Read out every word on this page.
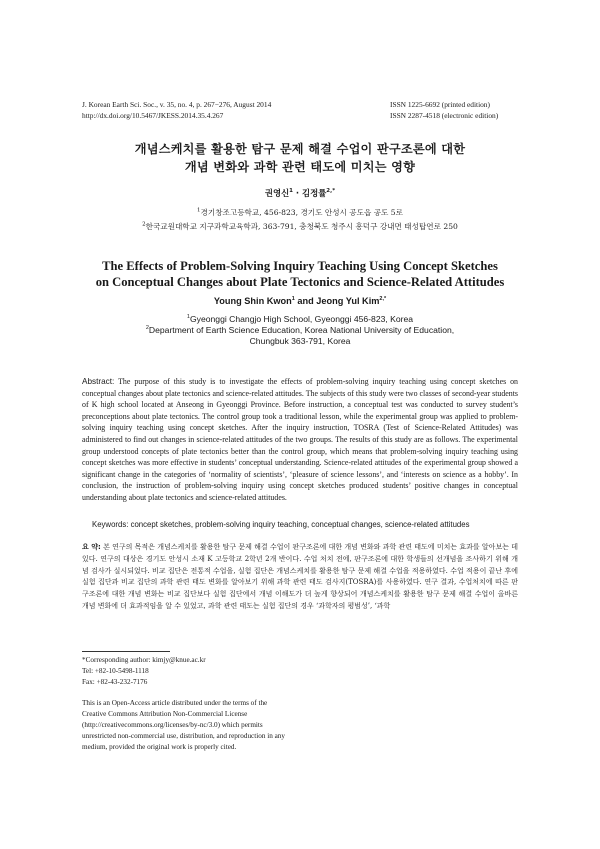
J. Korean Earth Sci. Soc., v. 35, no. 4, p. 267−276, August 2014
http://dx.doi.org/10.5467/JKESS.2014.35.4.267
ISSN 1225-6692 (printed edition)
ISSN 2287-4518 (electronic edition)
개념스케치를 활용한 탐구 문제 해결 수업이 판구조론에 대한
개념 변화와 과학 관련 태도에 미치는 영향
권영신$^1$ · 김정률$^{2,*}$
$^1$경기창조고등학교, 456-823, 경기도 안성시 공도읍 공도 5로
$^2$한국교원대학교 지구과학교육학과, 363-791, 충청북도 청주시 흥덕구 강내면 태성탑연로 250
The Effects of Problem-Solving Inquiry Teaching Using Concept Sketches
on Conceptual Changes about Plate Tectonics and Science-Related Attitudes
Young Shin Kwon$^1$ and Jeong Yul Kim$^{2,*}$
$^1$Gyeonggi Changjo High School, Gyeonggi 456-823, Korea
$^2$Department of Earth Science Education, Korea National University of Education,
Chungbuk 363-791, Korea
Abstract: The purpose of this study is to investigate the effects of problem-solving inquiry teaching using concept sketches on conceptual changes about plate tectonics and science-related attitudes. The subjects of this study were two classes of second-year students of K high school located at Anseong in Gyeonggi Province. Before instruction, a conceptual test was conducted to survey student’s preconceptions about plate tectonics. The control group took a traditional lesson, while the experimental group was applied to problem-solving inquiry teaching using concept sketches. After the inquiry instruction, TOSRA (Test of Science-Related Attitudes) was administered to find out changes in science-related attitudes of the two groups. The results of this study are as follows. The experimental group understood concepts of plate tectonics better than the control group, which means that problem-solving inquiry teaching using concept sketches was more effective in students’ conceptual understanding. Science-related attitudes of the experimental group showed a significant change in the categories of ‘normality of scientists’, ‘pleasure of science lessons’, and ‘interests on science as a hobby’. In conclusion, the instruction of problem-solving inquiry using concept sketches produced students’ positive changes in conceptual understanding about plate tectonics and science-related attitudes.
Keywords: concept sketches, problem-solving inquiry teaching, conceptual changes, science-related attitudes
요 약: 본 연구의 목적은 개념스케치를 활용한 탐구 문제 해결 수업이 판구조론에 대한 개념 변화와 과학 관련 태도에 미치는 효과를 알아보는 데 있다. 연구의 대상은 경기도 안성시 소재 K 고등학교 2학년 2개 반이다. 수업 처치 전에, 판구조론에 대한 학생들의 선개념을 조사하기 위해 개념 검사가 실시되었다. 비교 집단은 전통적 수업을, 실험 집단은 개념스케치를 활용한 탐구 문제 해결 수업을 적용하였다. 수업 적용이 끝난 후에 실험 집단과 비교 집단의 과학 관련 태도 변화를 알아보기 위해 과학 관련 태도 검사지(TOSRA)를 사용하였다. 연구 결과, 수업처치에 따른 판구조론에 대한 개념 변화는 비교 집단보다 실험 집단에서 개념 이해도가 더 높게 향상되어 개념스케치를 활용한 탐구 문제 해결 수업이 올바른 개념 변화에 더 효과적임을 알 수 있었고, 과학 관련 태도는 실험 집단의 경우 ‘과학자의 평범성’, ‘과학
*Corresponding author: kimjy@knue.ac.kr
Tel: +82-10-5498-1118
Fax: +82-43-232-7176
This is an Open-Access article distributed under the terms of the Creative Commons Attribution Non-Commercial License (http://creativecommons.org/licenses/by-nc/3.0) which permits unrestricted non-commercial use, distribution, and reproduction in any medium, provided the original work is properly cited.
